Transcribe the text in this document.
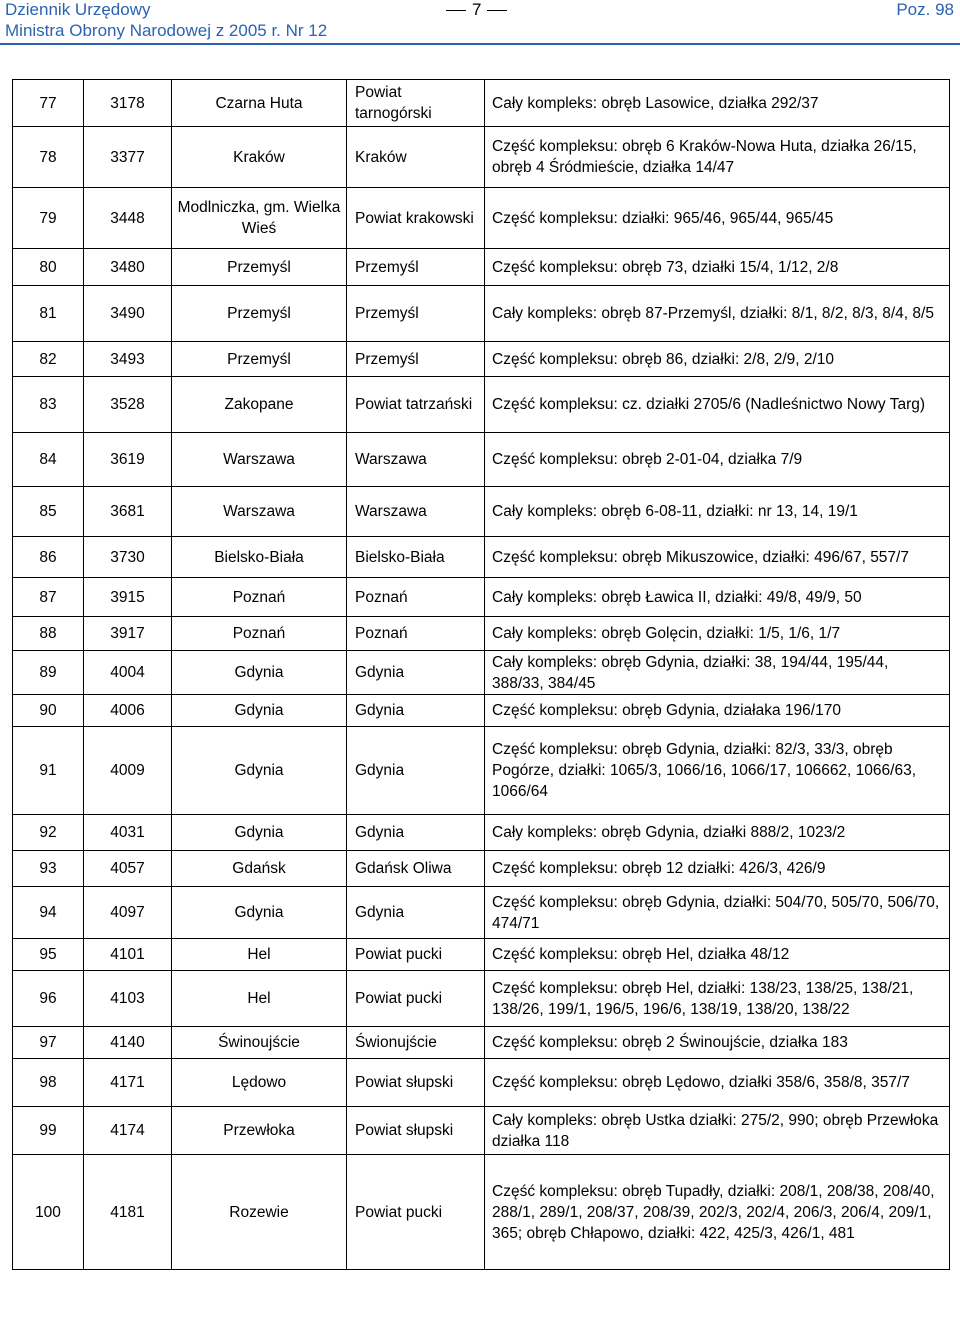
Dziennik Urzędowy
Ministra Obrony Narodowej z 2005 r. Nr 12
7	Poz. 98
77	3178	Czarna Huta	Powiat tarnogórski	Cały kompleks: obręb Lasowice, działka 292/37
78	3377	Kraków	Kraków	Część kompleksu: obręb 6 Kraków-Nowa Huta, działka 26/15, obręb 4 Śródmieście, działka 14/47
79	3448	Modlniczka, gm. Wielka Wieś	Powiat krakowski	Część kompleksu: działki: 965/46, 965/44, 965/45
80	3480	Przemyśl	Przemyśl	Część kompleksu: obręb 73, działki 15/4, 1/12, 2/8
81	3490	Przemyśl	Przemyśl	Cały kompleks: obręb 87-Przemyśl, działki: 8/1, 8/2, 8/3, 8/4, 8/5
82	3493	Przemyśl	Przemyśl	Część kompleksu: obręb 86, działki: 2/8, 2/9, 2/10
83	3528	Zakopane	Powiat tatrzański	Część kompleksu: cz. działki 2705/6 (Nadleśnictwo Nowy Targ)
84	3619	Warszawa	Warszawa	Część kompleksu: obręb 2-01-04, działka 7/9
85	3681	Warszawa	Warszawa	Cały kompleks: obręb 6-08-11, działki: nr 13, 14, 19/1
86	3730	Bielsko-Biała	Bielsko-Biała	Część kompleksu: obręb Mikuszowice, działki: 496/67, 557/7
87	3915	Poznań	Poznań	Cały kompleks: obręb Ławica II, działki: 49/8, 49/9, 50
88	3917	Poznań	Poznań	Cały kompleks: obręb Golęcin, działki: 1/5, 1/6, 1/7
89	4004	Gdynia	Gdynia	Cały kompleks: obręb Gdynia, działki: 38, 194/44, 195/44, 388/33, 384/45
90	4006	Gdynia	Gdynia	Część kompleksu: obręb Gdynia, działaka 196/170
91	4009	Gdynia	Gdynia	Część kompleksu: obręb Gdynia, działki: 82/3, 33/3, obręb Pogórze, działki: 1065/3, 1066/16, 1066/17, 106662, 1066/63, 1066/64
92	4031	Gdynia	Gdynia	Cały kompleks: obręb Gdynia, działki 888/2, 1023/2
93	4057	Gdańsk	Gdańsk Oliwa	Część kompleksu: obręb 12 działki: 426/3, 426/9
94	4097	Gdynia	Gdynia	Część kompleksu: obręb Gdynia, działki: 504/70, 505/70, 506/70, 474/71
95	4101	Hel	Powiat pucki	Część kompleksu: obręb Hel, działka 48/12
96	4103	Hel	Powiat pucki	Część kompleksu: obręb Hel, działki: 138/23, 138/25, 138/21, 138/26, 199/1, 196/5, 196/6, 138/19, 138/20, 138/22
97	4140	Świnoujście	Świonujście	Część kompleksu: obręb 2 Świnoujście, działka 183
98	4171	Lędowo	Powiat słupski	Część kompleksu: obręb Lędowo, działki 358/6, 358/8, 357/7
99	4174	Przewłoka	Powiat słupski	Cały kompleks: obręb Ustka działki: 275/2, 990; obręb Przewłoka działka 118
100	4181	Rozewie	Powiat pucki	Część kompleksu: obręb Tupadły, działki: 208/1, 208/38, 208/40, 288/1, 289/1, 208/37, 208/39, 202/3, 202/4, 206/3, 206/4, 209/1, 365; obręb Chłapowo, działki: 422, 425/3, 426/1, 481
